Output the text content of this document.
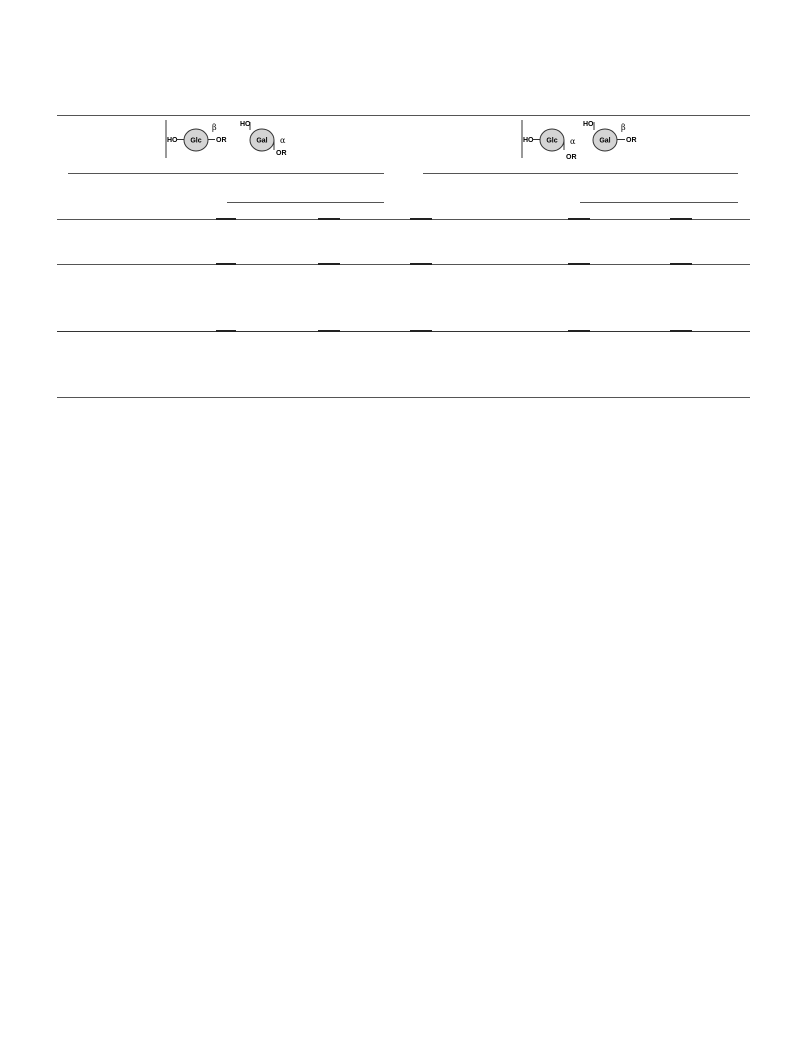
HO Glc OR
β	HO
Gal
OR
α	HO Glc
OR
α
HO
Gal OR
β
